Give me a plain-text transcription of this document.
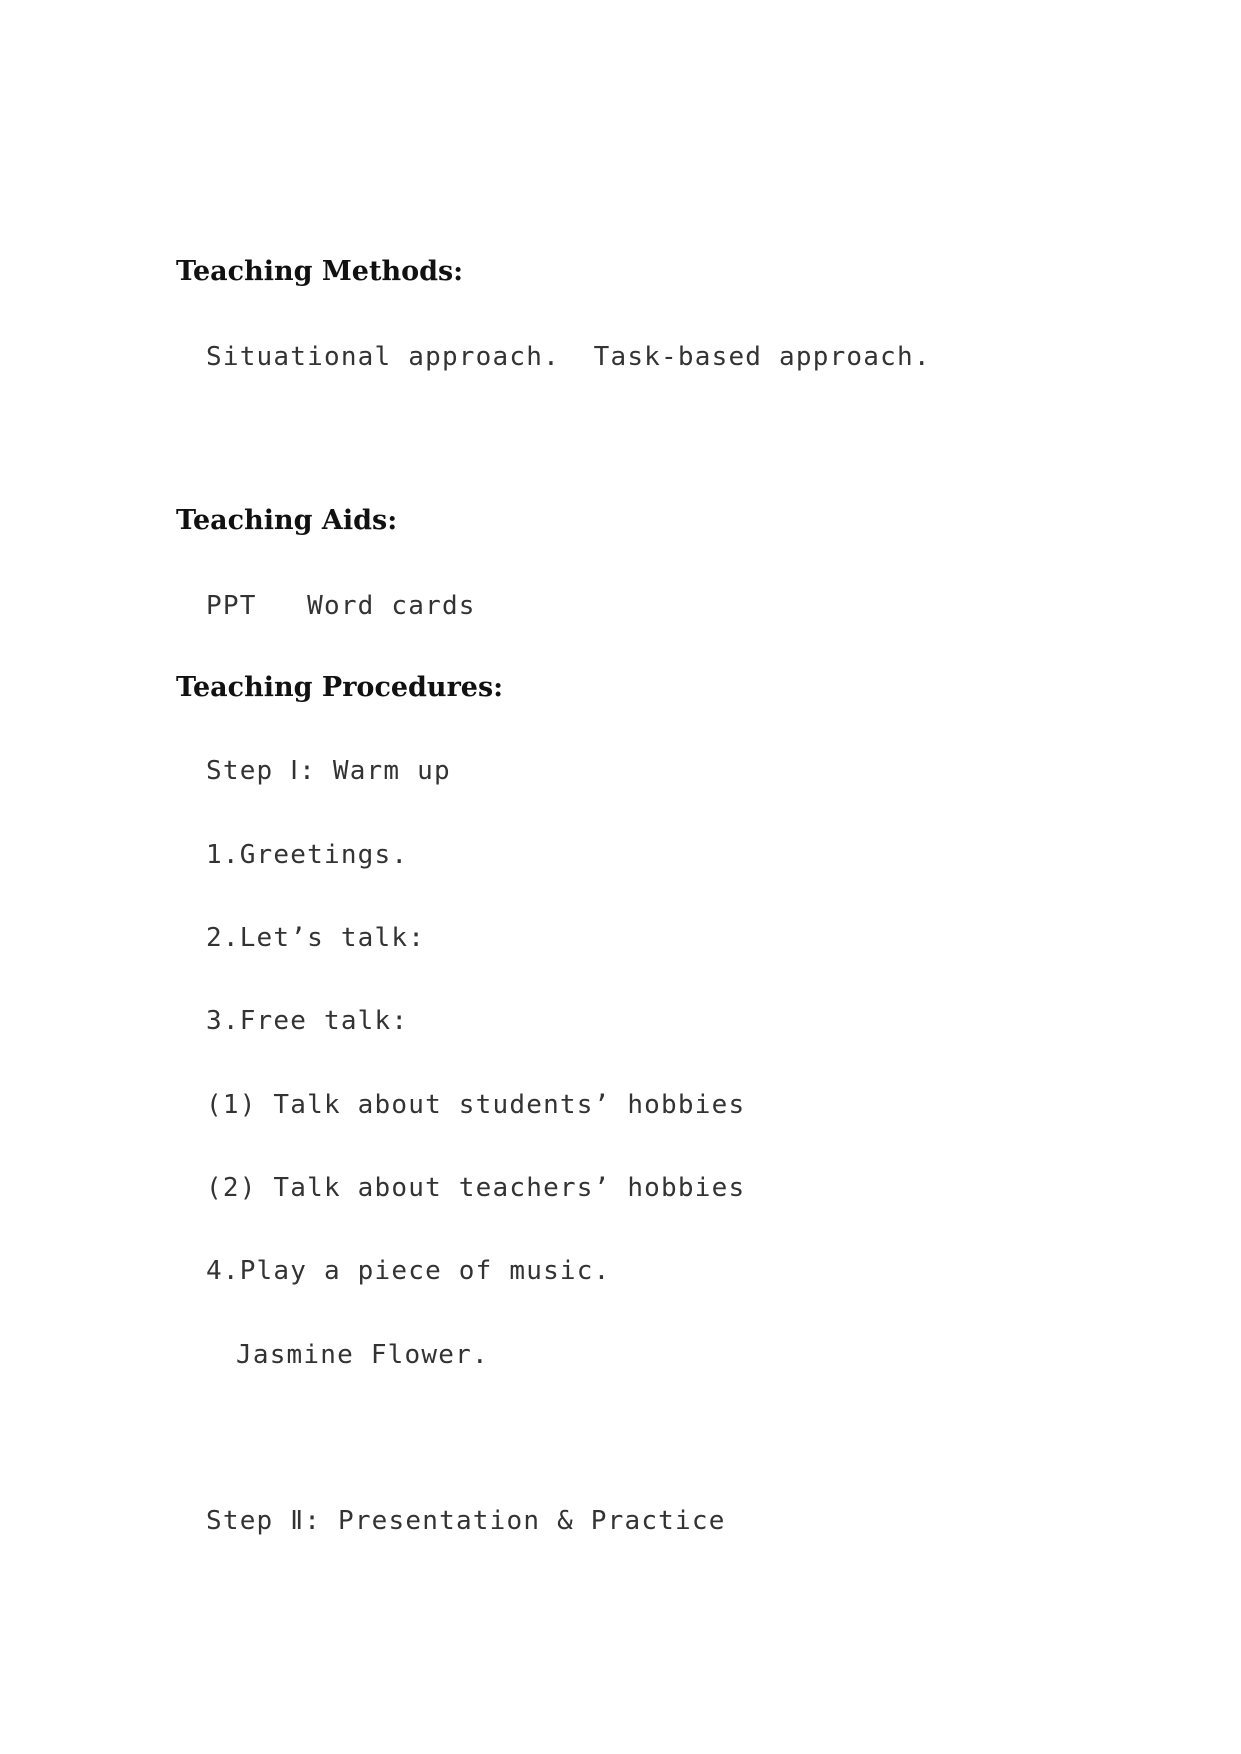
Teaching Methods:
Situational approach.  Task-based approach.
Teaching Aids:
PPT   Word cards
Teaching Procedures:
Step Ⅰ: Warm up
1.Greetings.
2.Let’s talk:
3.Free talk:
(1) Talk about students’ hobbies
(2) Talk about teachers’ hobbies
4.Play a piece of music.
Jasmine Flower.
Step Ⅱ: Presentation & Practice
